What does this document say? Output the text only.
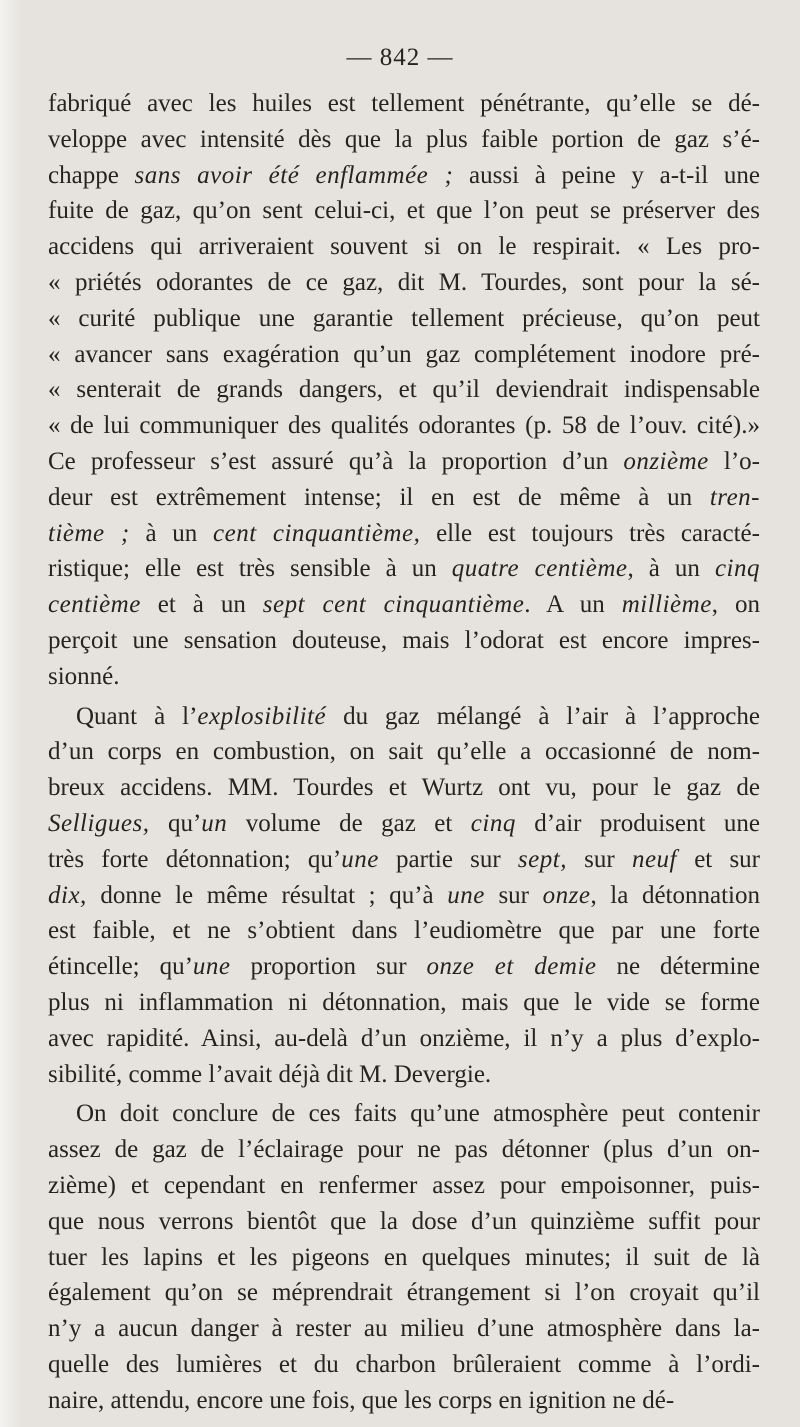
— 842 —
fabriqué avec les huiles est tellement pénétrante, qu’elle se dé-
veloppe avec intensité dès que la plus faible portion de gaz s’é-
chappe sans avoir été enflammée ; aussi à peine y a-t-il une
fuite de gaz, qu’on sent celui-ci, et que l’on peut se préserver des
accidens qui arriveraient souvent si on le respirait. « Les pro-
« priétés odorantes de ce gaz, dit M. Tourdes, sont pour la sé-
« curité publique une garantie tellement précieuse, qu’on peut
« avancer sans exagération qu’un gaz complétement inodore pré-
« senterait de grands dangers, et qu’il deviendrait indispensable
« de lui communiquer des qualités odorantes (p. 58 de l’ouv. cité).»
Ce professeur s’est assuré qu’à la proportion d’un onzième l’o-
deur est extrêmement intense; il en est de même à un tren-
tième ; à un cent cinquantième, elle est toujours très caracté-
ristique; elle est très sensible à un quatre centième, à un cinq
centième et à un sept cent cinquantième. A un millième, on
perçoit une sensation douteuse, mais l’odorat est encore impres-
sionné.
Quant à l’explosibilité du gaz mélangé à l’air à l’approche
d’un corps en combustion, on sait qu’elle a occasionné de nom-
breux accidens. MM. Tourdes et Wurtz ont vu, pour le gaz de
Selligues, qu’un volume de gaz et cinq d’air produisent une
très forte détonnation; qu’une partie sur sept, sur neuf et sur
dix, donne le même résultat ; qu’à une sur onze, la détonnation
est faible, et ne s’obtient dans l’eudiomètre que par une forte
étincelle; qu’une proportion sur onze et demie ne détermine
plus ni inflammation ni détonnation, mais que le vide se forme
avec rapidité. Ainsi, au-delà d’un onzième, il n’y a plus d’explo-
sibilité, comme l’avait déjà dit M. Devergie.
On doit conclure de ces faits qu’une atmosphère peut contenir
assez de gaz de l’éclairage pour ne pas détonner (plus d’un on-
zième) et cependant en renfermer assez pour empoisonner, puis-
que nous verrons bientôt que la dose d’un quinzième suffit pour
tuer les lapins et les pigeons en quelques minutes; il suit de là
également qu’on se méprendrait étrangement si l’on croyait qu’il
n’y a aucun danger à rester au milieu d’une atmosphère dans la-
quelle des lumières et du charbon brûleraient comme à l’ordi-
naire, attendu, encore une fois, que les corps en ignition ne dé-
